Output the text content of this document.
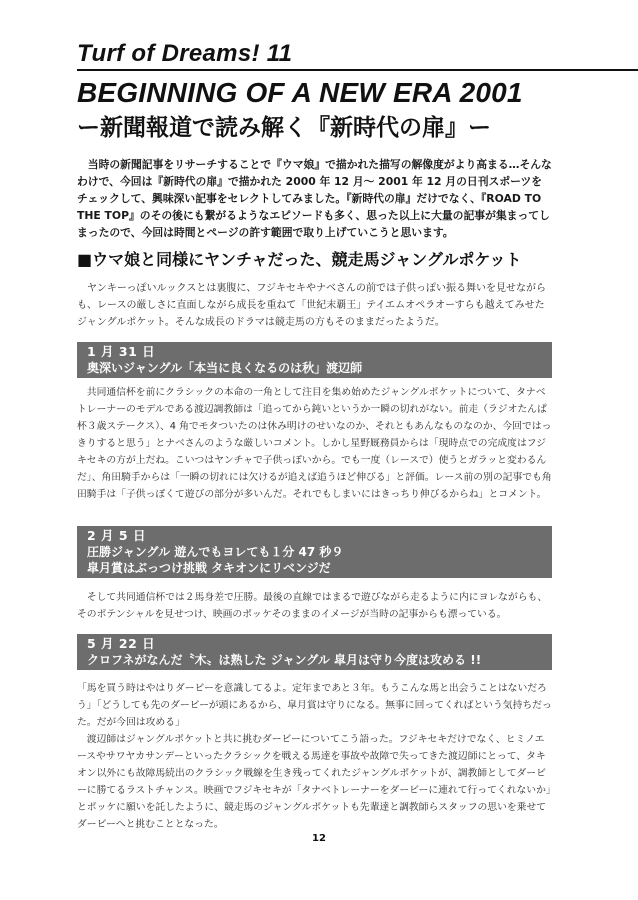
Turf of Dreams! 11
BEGINNING OF A NEW ERA 2001
ー新聞報道で読み解く『新時代の扉』ー

当時の新聞記事をリサーチすることで『ウマ娘』で描かれた描写の解像度がより高まる…そんなわけで、今回は『新時代の扉』で描かれた 2000 年 12 月〜 2001 年 12 月の日刊スポーツをチェックして、興味深い記事をセレクトしてみました。『新時代の扉』だけでなく、『ROAD TO THE TOP』のその後にも繋がるようなエピソードも多く、思った以上に大量の記事が集まってしまったので、今回は時間とページの許す範囲で取り上げていこうと思います。

■ウマ娘と同様にヤンチャだった、競走馬ジャングルポケット

ヤンキーっぽいルックスとは裏腹に、フジキセキやナベさんの前では子供っぽい振る舞いを見せながらも、レースの厳しさに直面しながら成長を重ねて「世紀末覇王」テイエムオペラオーすらも越えてみせたジャングルポケット。そんな成長のドラマは競走馬の方もそのままだったようだ。

1 月 31 日
奥深いジャングル「本当に良くなるのは秋」渡辺師

共同通信杯を前にクラシックの本命の一角として注目を集め始めたジャングルポケットについて、タナベトレーナーのモデルである渡辺調教師は「追ってから鈍いというか一瞬の切れがない。前走（ラジオたんぱ杯３歳ステークス）、4 角でモタついたのは休み明けのせいなのか、それともあんなものなのか、今回ではっきりすると思う」とナベさんのような厳しいコメント。しかし星野厩務員からは「現時点での完成度はフジキセキの方が上だね。こいつはヤンチャで子供っぽいから。でも一度（レースで）使うとガラッと変わるんだ」、角田騎手からは「一瞬の切れには欠けるが追えば追うほど伸びる」と評価。レース前の別の記事でも角田騎手は「子供っぽくて遊びの部分が多いんだ。それでもしまいにはきっちり伸びるからね」とコメント。

2 月 5 日
圧勝ジャングル 遊んでもヨレても１分 47 秒９
皐月賞はぶっつけ挑戦 タキオンにリベンジだ

そして共同通信杯では２馬身差で圧勝。最後の直線ではまるで遊びながら走るように内にヨレながらも、そのポテンシャルを見せつけ、映画のポッケそのままのイメージが当時の記事からも漂っている。

5 月 22 日
クロフネがなんだ〝木〟は熟した ジャングル 皐月は守り今度は攻める !!

「馬を買う時はやはりダービーを意識してるよ。定年まであと３年。もうこんな馬と出会うことはないだろう」「どうしても先のダービーが頭にあるから、皐月賞は守りになる。無事に回ってくればという気持ちだった。だが今回は攻める」

渡辺師はジャングルポケットと共に挑むダービーについてこう語った。フジキセキだけでなく、ヒミノエースやサワヤカサンデーといったクラシックを戦える馬達を事故や故障で失ってきた渡辺師にとって、タキオン以外にも故障馬続出のクラシック戦線を生き残ってくれたジャングルポケットが、調教師としてダービーに勝てるラストチャンス。映画でフジキセキが「タナベトレーナーをダービーに連れて行ってくれないか」とポッケに願いを託したように、競走馬のジャングルポケットも先輩達と調教師らスタッフの思いを乗せてダービーへと挑むこととなった。

12
